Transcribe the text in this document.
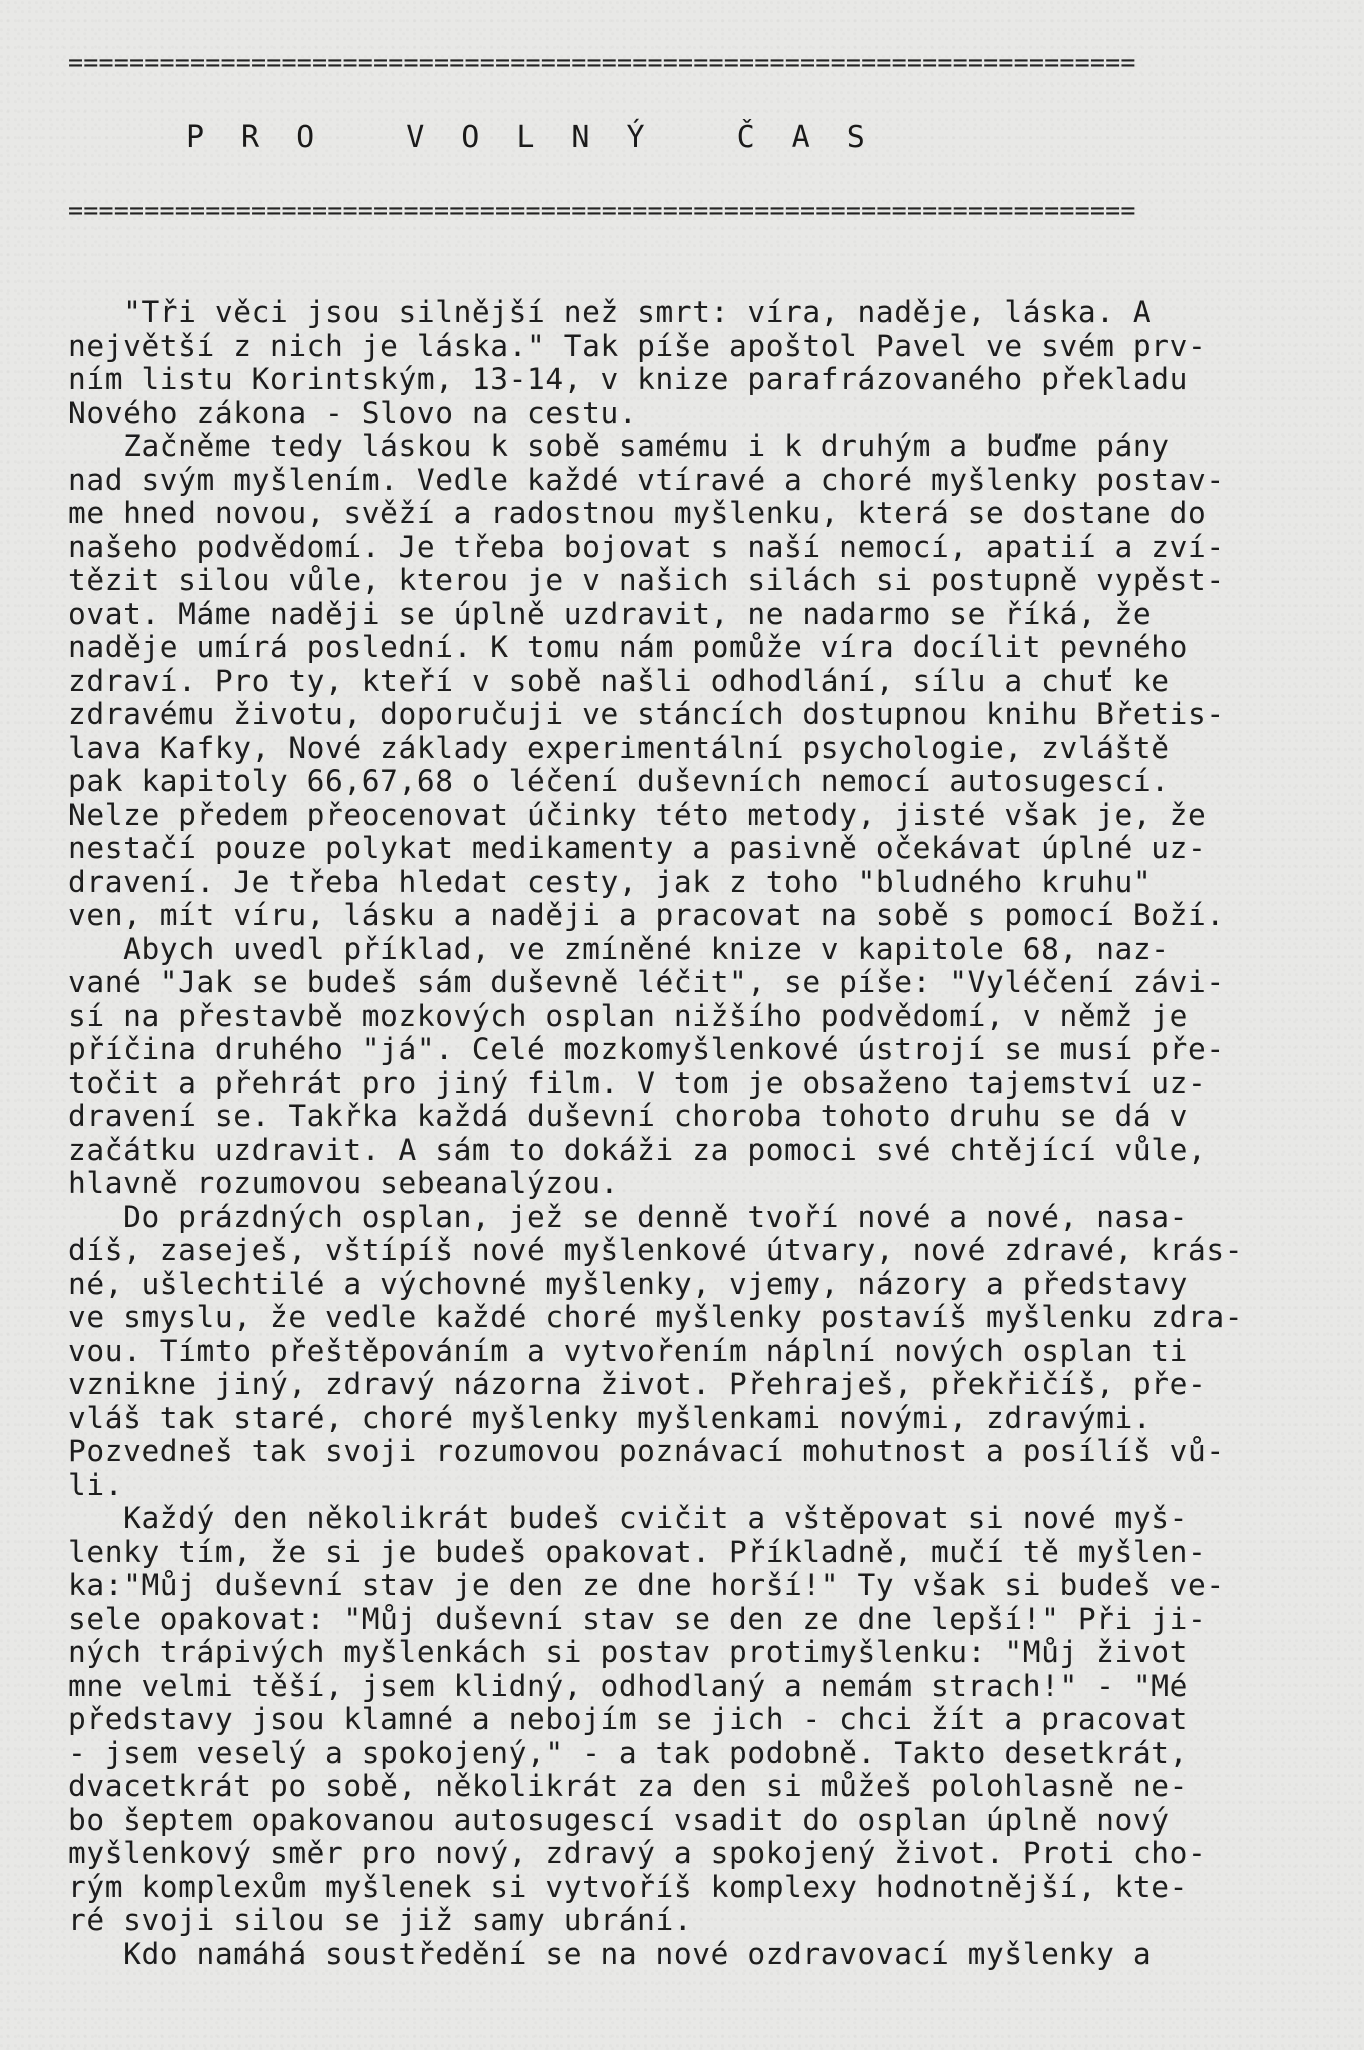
======================================================================
PRO VOLNÝ ČAS
======================================================================
"Tři věci jsou silnější než smrt: víra, naděje, láska. A
největší z nich je láska." Tak píše apoštol Pavel ve svém prv-
ním listu Korintským, 13-14, v knize parafrázovaného překladu
Nového zákona - Slovo na cestu.
Začněme tedy láskou k sobě samému i k druhým a buďme pány
nad svým myšlením. Vedle každé vtíravé a choré myšlenky postav-
me hned novou, svěží a radostnou myšlenku, která se dostane do
našeho podvědomí. Je třeba bojovat s naší nemocí, apatií a zví-
tězit silou vůle, kterou je v našich silách si postupně vypěst-
ovat. Máme naději se úplně uzdravit, ne nadarmo se říká, že
naděje umírá poslední. K tomu nám pomůže víra docílit pevného
zdraví. Pro ty, kteří v sobě našli odhodlání, sílu a chuť ke
zdravému životu, doporučuji ve stáncích dostupnou knihu Břetis-
lava Kafky, Nové základy experimentální psychologie, zvláště
pak kapitoly 66,67,68 o léčení duševních nemocí autosugescí.
Nelze předem přeocenovat účinky této metody, jisté však je, že
nestačí pouze polykat medikamenty a pasivně očekávat úplné uz-
dravení. Je třeba hledat cesty, jak z toho "bludného kruhu"
ven, mít víru, lásku a naději a pracovat na sobě s pomocí Boží.
Abych uvedl příklad, ve zmíněné knize v kapitole 68, naz-
vané "Jak se budeš sám duševně léčit", se píše: "Vyléčení závi-
sí na přestavbě mozkových osplan nižšího podvědomí, v němž je
příčina druhého "já". Celé mozkomyšlenkové ústrojí se musí pře-
točit a přehrát pro jiný film. V tom je obsaženo tajemství uz-
dravení se. Takřka každá duševní choroba tohoto druhu se dá v
začátku uzdravit. A sám to dokáži za pomoci své chtějící vůle,
hlavně rozumovou sebeanalýzou.
Do prázdných osplan, jež se denně tvoří nové a nové, nasa-
díš, zaseješ, vštípíš nové myšlenkové útvary, nové zdravé, krás-
né, ušlechtilé a výchovné myšlenky, vjemy, názory a představy
ve smyslu, že vedle každé choré myšlenky postavíš myšlenku zdra-
vou. Tímto přeštěpováním a vytvořením náplní nových osplan ti
vznikne jiný, zdravý názorna život. Přehraješ, překřičíš, pře-
vláš tak staré, choré myšlenky myšlenkami novými, zdravými.
Pozvedneš tak svoji rozumovou poznávací mohutnost a posílíš vů-
li.
Každý den několikrát budeš cvičit a vštěpovat si nové myš-
lenky tím, že si je budeš opakovat. Příkladně, mučí tě myšlen-
ka:"Můj duševní stav je den ze dne horší!" Ty však si budeš ve-
sele opakovat: "Můj duševní stav se den ze dne lepší!" Při ji-
ných trápivých myšlenkách si postav protimyšlenku: "Můj život
mne velmi těší, jsem klidný, odhodlaný a nemám strach!" - "Mé
představy jsou klamné a nebojím se jich - chci žít a pracovat
- jsem veselý a spokojený," - a tak podobně. Takto desetkrát,
dvacetkrát po sobě, několikrát za den si můžeš polohlasně ne-
bo šeptem opakovanou autosugescí vsadit do osplan úplně nový
myšlenkový směr pro nový, zdravý a spokojený život. Proti cho-
rým komplexům myšlenek si vytvoříš komplexy hodnotnější, kte-
ré svoji silou se již samy ubrání.
Kdo namáhá soustředění se na nové ozdravovací myšlenky a
